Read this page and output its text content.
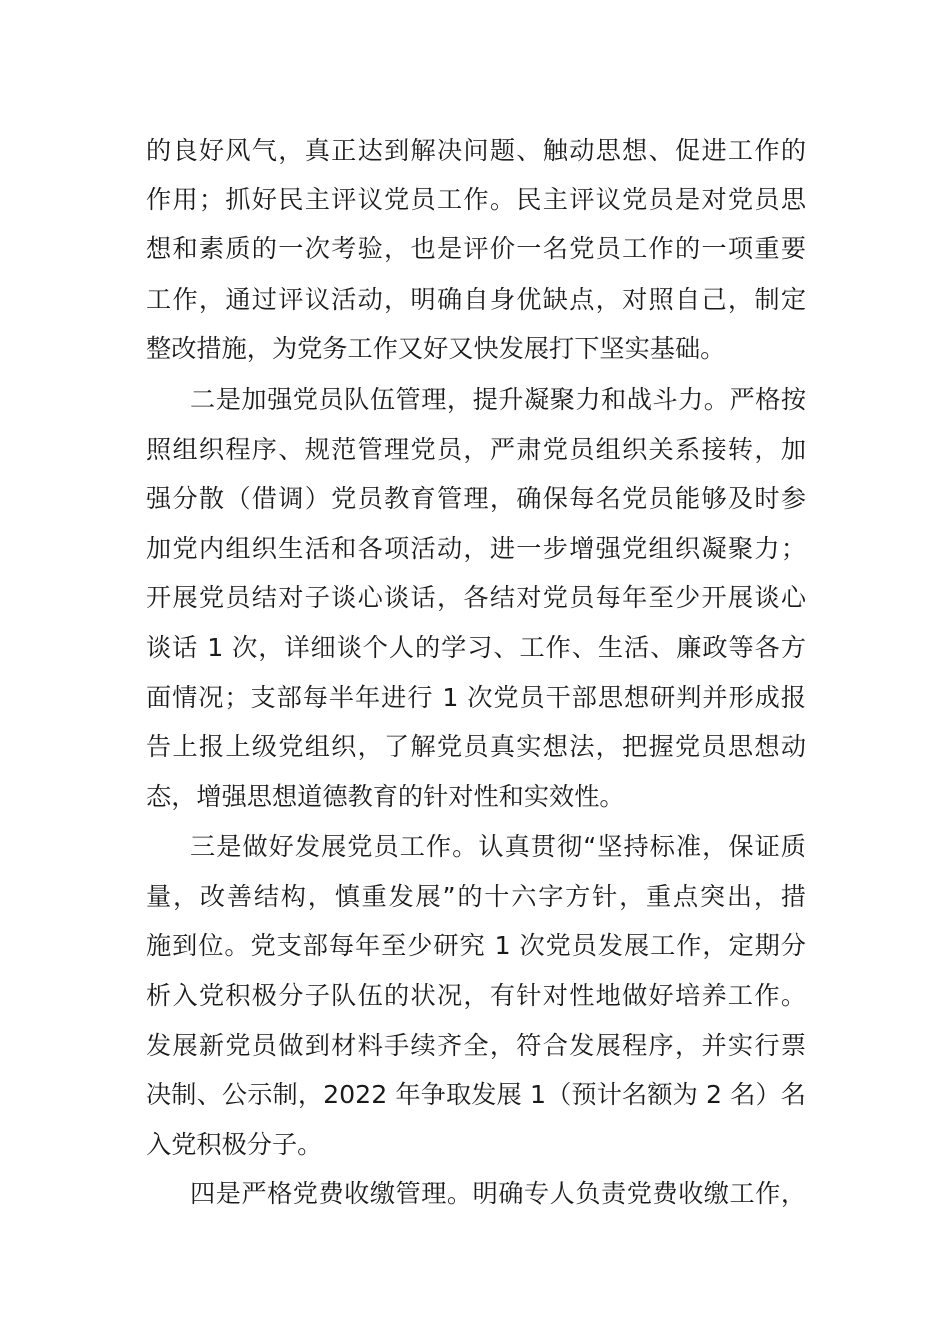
的良好风气，真正达到解决问题、触动思想、促进工作的
作用；抓好民主评议党员工作。民主评议党员是对党员思
想和素质的一次考验，也是评价一名党员工作的一项重要
工作，通过评议活动，明确自身优缺点，对照自己，制定
整改措施，为党务工作又好又快发展打下坚实基础。
二是加强党员队伍管理，提升凝聚力和战斗力。严格按
照组织程序、规范管理党员，严肃党员组织关系接转，加
强分散（借调）党员教育管理，确保每名党员能够及时参
加党内组织生活和各项活动，进一步增强党组织凝聚力；
开展党员结对子谈心谈话，各结对党员每年至少开展谈心
谈话 1 次，详细谈个人的学习、工作、生活、廉政等各方
面情况；支部每半年进行 1 次党员干部思想研判并形成报
告上报上级党组织，了解党员真实想法，把握党员思想动
态，增强思想道德教育的针对性和实效性。
三是做好发展党员工作。认真贯彻“坚持标准，保证质
量，改善结构，慎重发展”的十六字方针，重点突出，措
施到位。党支部每年至少研究 1 次党员发展工作，定期分
析入党积极分子队伍的状况，有针对性地做好培养工作。
发展新党员做到材料手续齐全，符合发展程序，并实行票
决制、公示制，2022 年争取发展 1（预计名额为 2 名）名
入党积极分子。
四是严格党费收缴管理。明确专人负责党费收缴工作，
